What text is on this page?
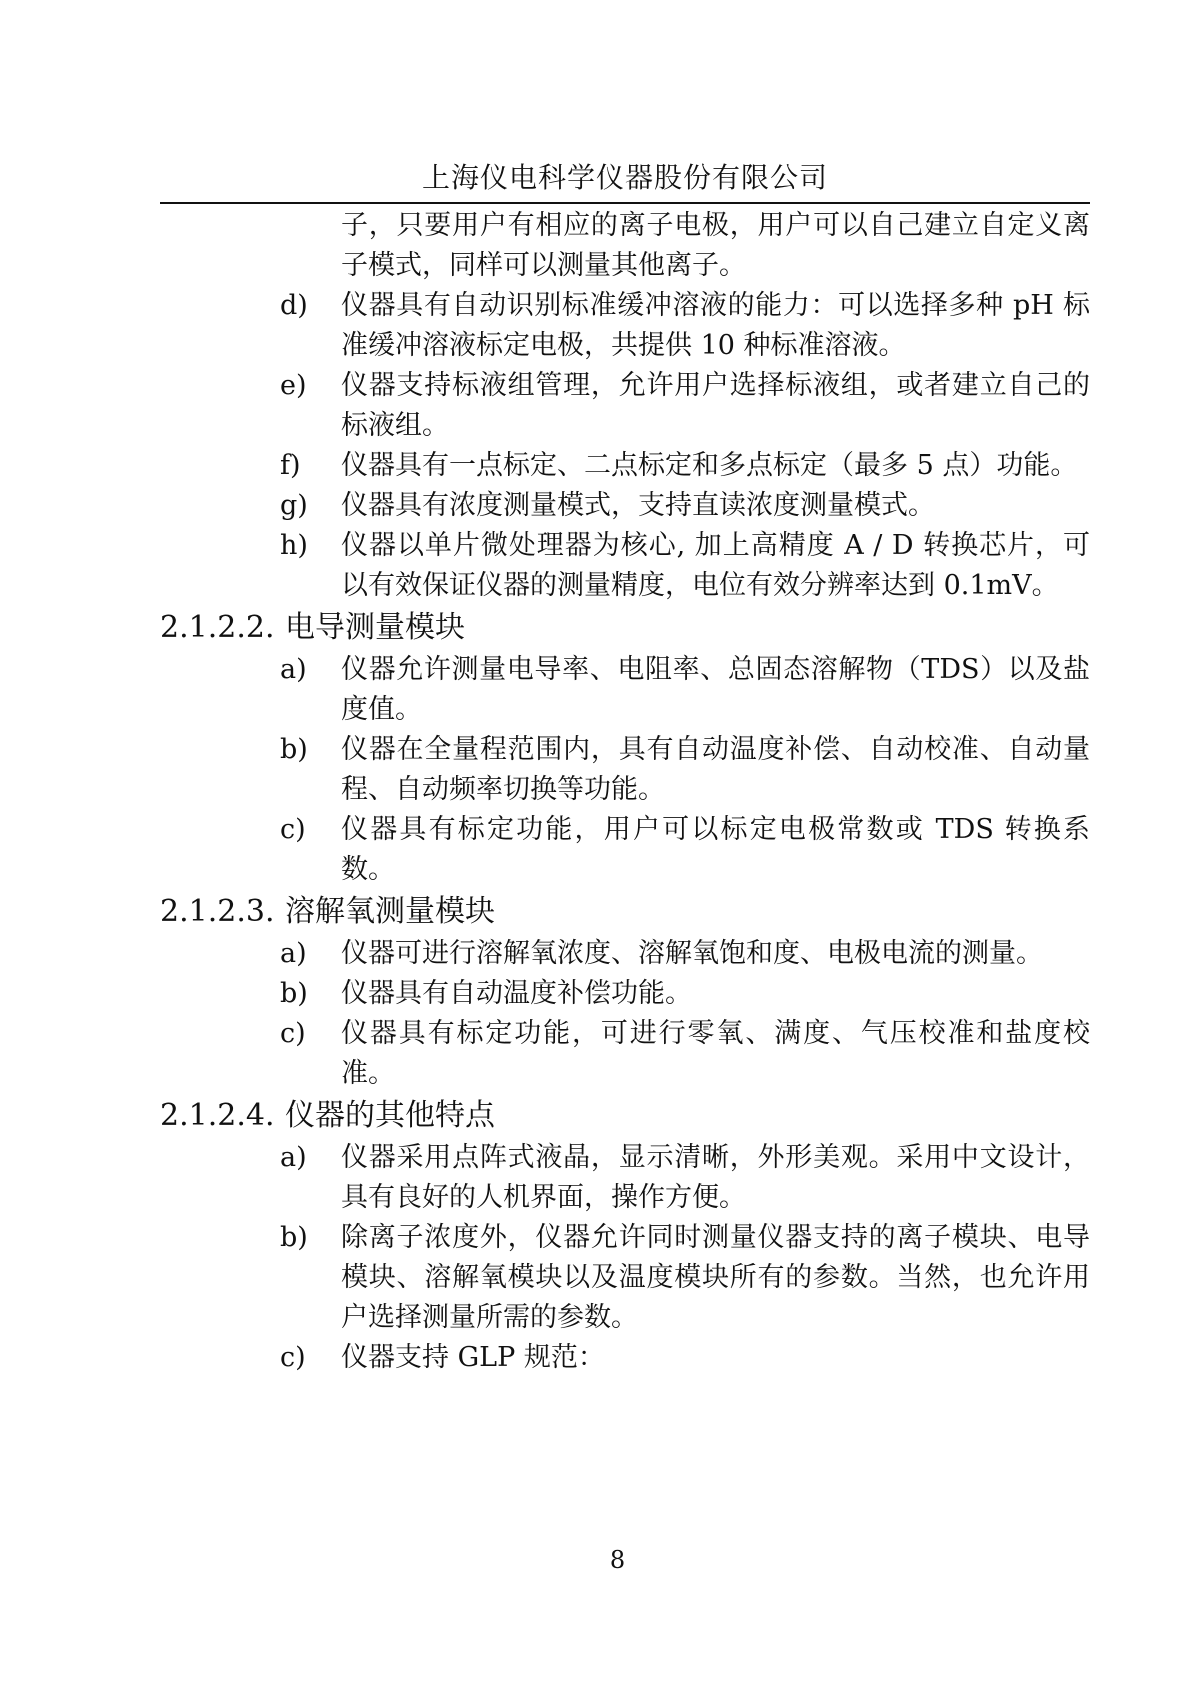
上海仪电科学仪器股份有限公司
子，只要用户有相应的离子电极，用户可以自己建立自定义离子模式，同样可以测量其他离子。
d)	仪器具有自动识别标准缓冲溶液的能力：可以选择多种 pH 标准缓冲溶液标定电极，共提供 10 种标准溶液。
e)	仪器支持标液组管理，允许用户选择标液组，或者建立自己的标液组。
f)	仪器具有一点标定、二点标定和多点标定（最多 5 点）功能。
g)	仪器具有浓度测量模式，支持直读浓度测量模式。
h)	仪器以单片微处理器为核心, 加上高精度 A / D 转换芯片，可以有效保证仪器的测量精度，电位有效分辨率达到 0.1mV。
2.1.2.2. 电导测量模块
a)	仪器允许测量电导率、电阻率、总固态溶解物（TDS）以及盐度值。
b)	仪器在全量程范围内，具有自动温度补偿、自动校准、自动量程、自动频率切换等功能。
c)	仪器具有标定功能，用户可以标定电极常数或 TDS 转换系数。
2.1.2.3. 溶解氧测量模块
a)	仪器可进行溶解氧浓度、溶解氧饱和度、电极电流的测量。
b)	仪器具有自动温度补偿功能。
c)	仪器具有标定功能，可进行零氧、满度、气压校准和盐度校准。
2.1.2.4. 仪器的其他特点
a)	仪器采用点阵式液晶，显示清晰，外形美观。采用中文设计，具有良好的人机界面，操作方便。
b)	除离子浓度外，仪器允许同时测量仪器支持的离子模块、电导模块、溶解氧模块以及温度模块所有的参数。当然，也允许用户选择测量所需的参数。
c)	仪器支持 GLP 规范：
8
